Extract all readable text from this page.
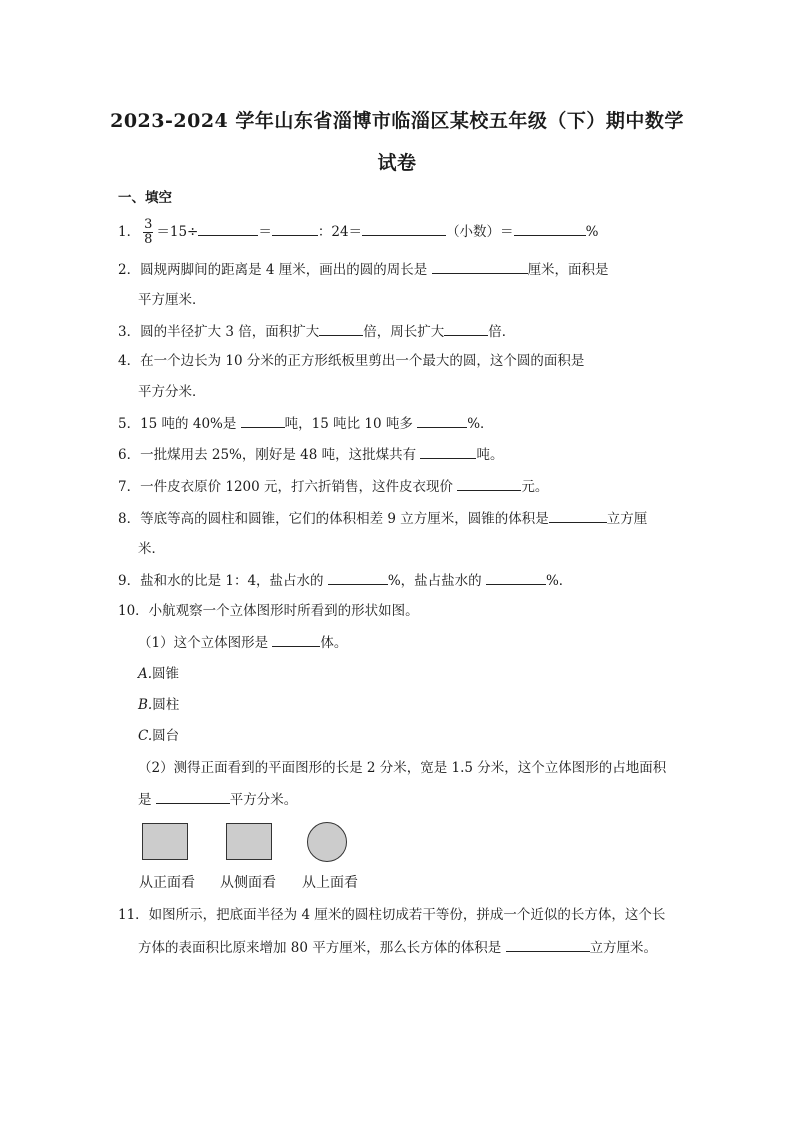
2023-2024 学年山东省淄博市临淄区某校五年级（下）期中数学
试卷
一、填空
1． $\frac{3}{8} =15\div$	＝	：24＝	（小数）＝	%
2．圆规两脚间的距离是 4 厘米，画出的圆的周长是	厘米，面积是
平方厘米．
3．圆的半径扩大 3 倍，面积扩大	倍，周长扩大	倍．
4．在一个边长为 10 分米的正方形纸板里剪出一个最大的圆，这个圆的面积是
平方分米．
5．15 吨的 40%是	吨，15 吨比 10 吨多	%．
6．一批煤用去 25%，刚好是 48 吨，这批煤共有	吨。
7．一件皮衣原价 1200 元，打六折销售，这件皮衣现价	元。
8．等底等高的圆柱和圆锥，它们的体积相差 9 立方厘米，圆锥的体积是	立方厘
米．
9．盐和水的比是 1：4，盐占水的	%，盐占盐水的	%．
10．小航观察一个立体图形时所看到的形状如图。
（1）这个立体图形是	体。
A.圆锥
B.圆柱
C.圆台
（2）测得正面看到的平面图形的长是 2 分米，宽是 1.5 分米，这个立体图形的占地面积
是	平方分米。
从正面看 从侧面看 从上面看
11．如图所示，把底面半径为 4 厘米的圆柱切成若干等份，拼成一个近似的长方体，这个长
方体的表面积比原来增加 80 平方厘米，那么长方体的体积是	立方厘米。
